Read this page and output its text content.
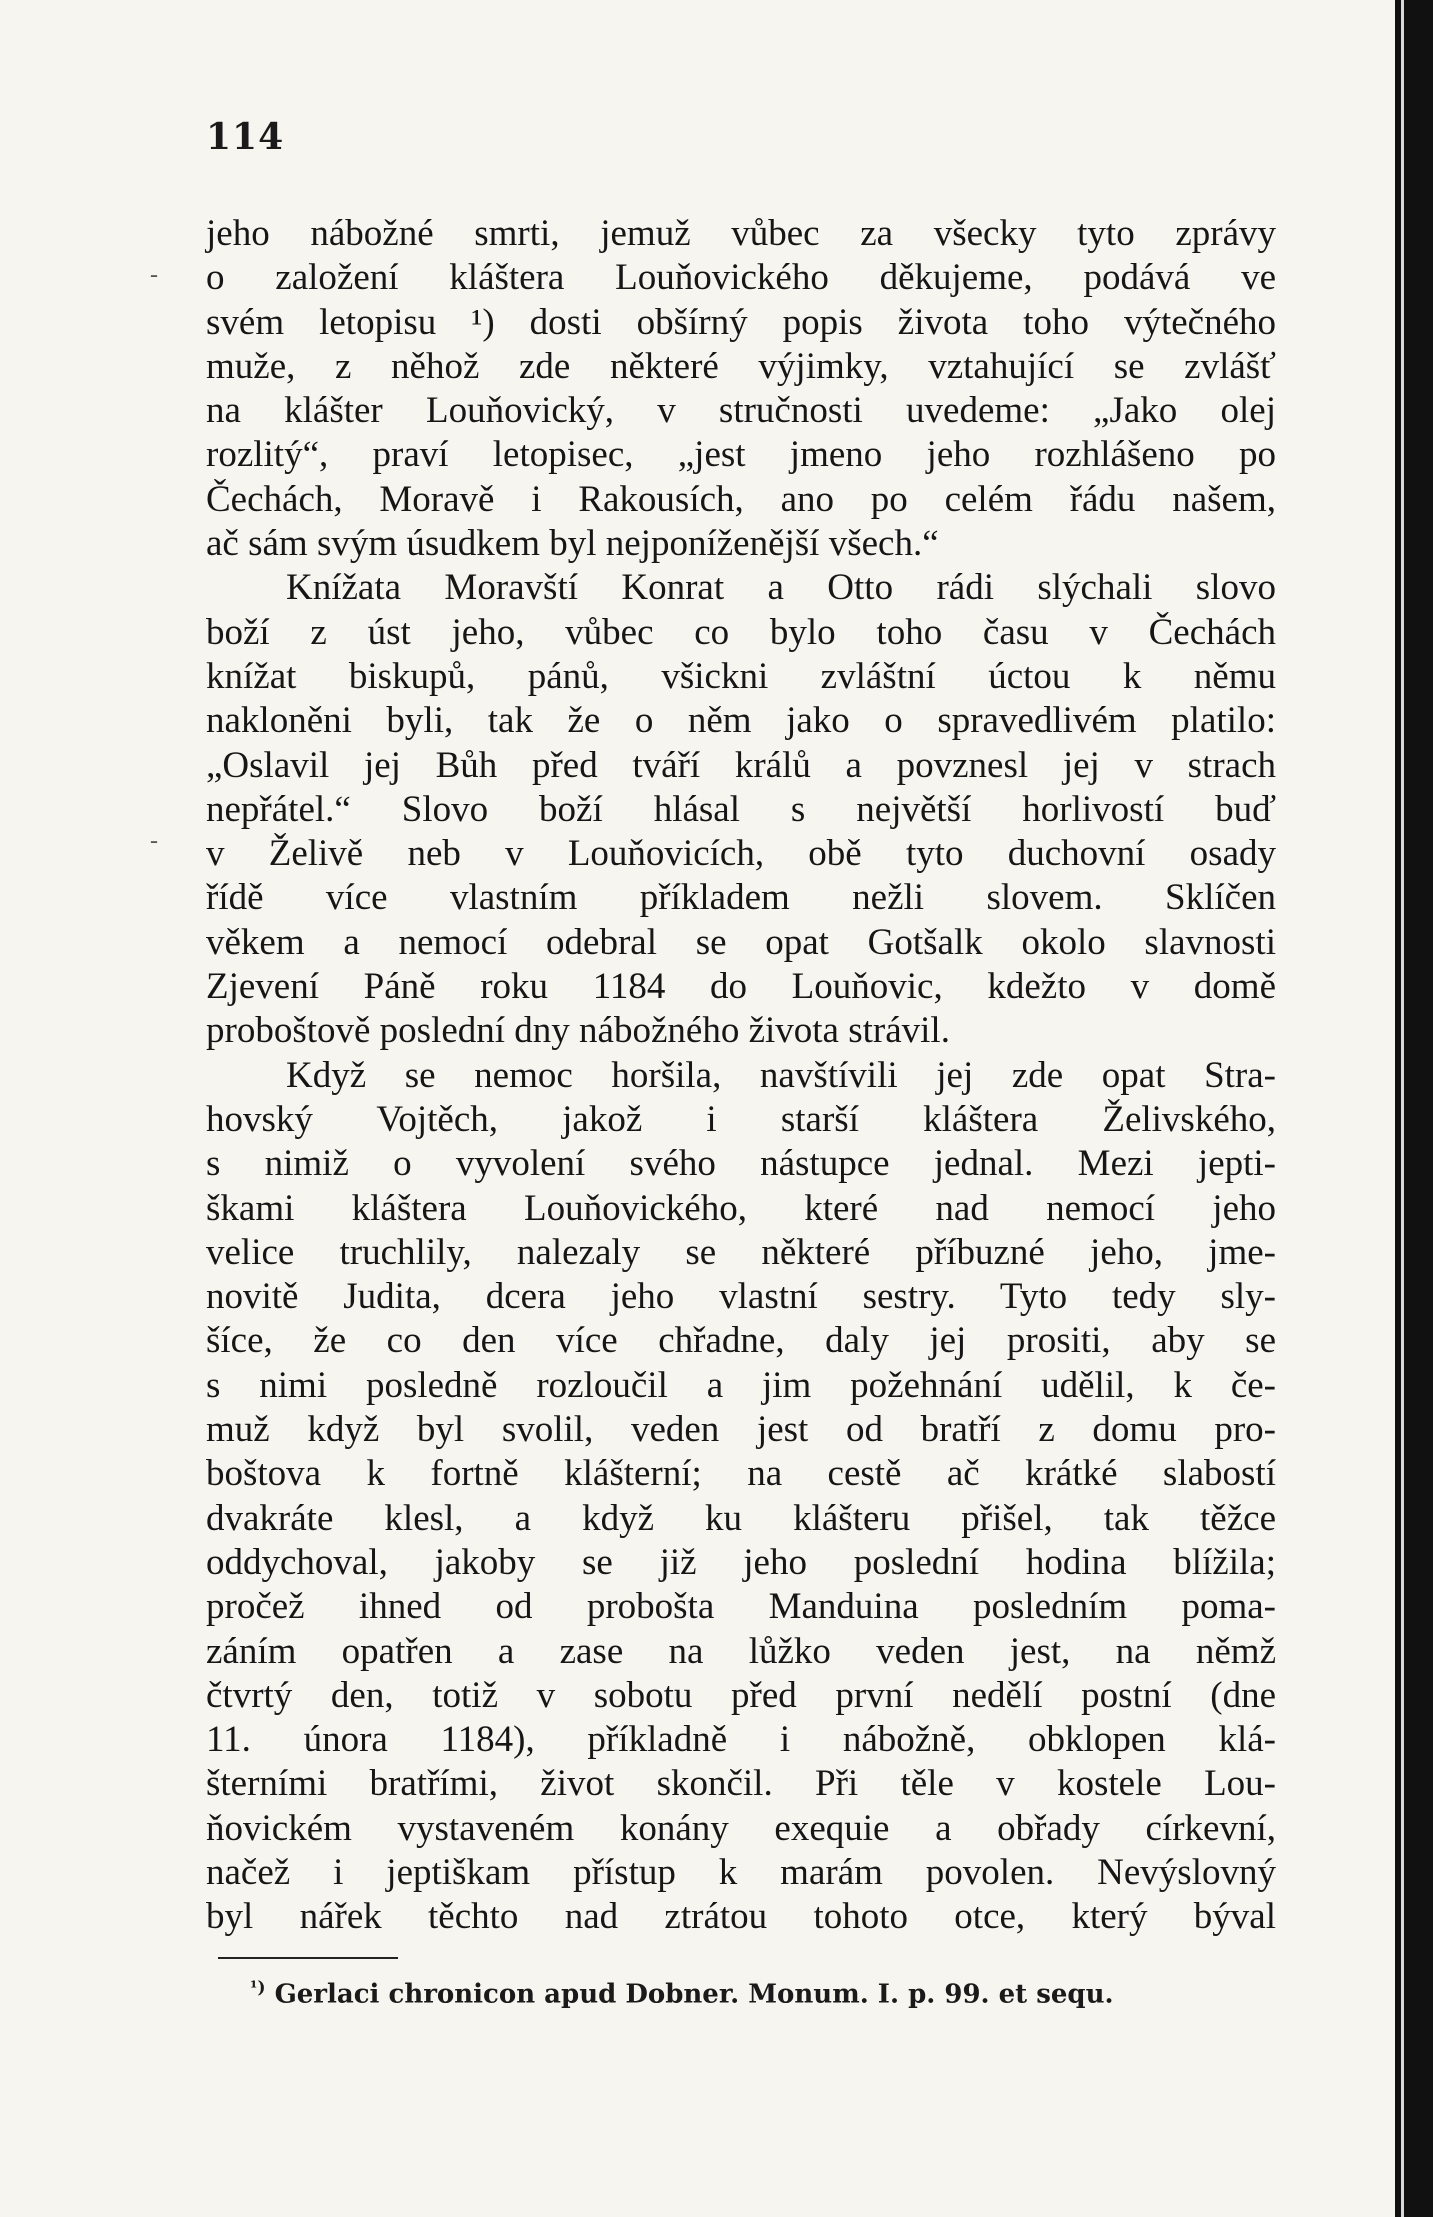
114
-
-
jeho nábožné smrti, jemuž vůbec za všecky tyto zprávy
o založení kláštera Louňovického děkujeme, podává ve
svém letopisu ¹) dosti obšírný popis života toho výtečného
muže, z něhož zde některé výjimky, vztahující se zvlášť
na klášter Louňovický, v stručnosti uvedeme: „Jako olej
rozlitý“, praví letopisec, „jest jmeno jeho rozhlášeno po
Čechách, Moravě i Rakousích, ano po celém řádu našem,
ač sám svým úsudkem byl nejponíženější všech.“
Knížata Moravští Konrat a Otto rádi slýchali slovo
boží z úst jeho, vůbec co bylo toho času v Čechách
knížat biskupů, pánů, všickni zvláštní úctou k němu
nakloněni byli, tak že o něm jako o spravedlivém platilo:
„Oslavil jej Bůh před tváří králů a povznesl jej v strach
nepřátel.“ Slovo boží hlásal s největší horlivostí buď
v Želivě neb v Louňovicích, obě tyto duchovní osady
řídě více vlastním příkladem nežli slovem. Sklíčen
věkem a nemocí odebral se opat Gotšalk okolo slavnosti
Zjevení Páně roku 1184 do Louňovic, kdežto v domě
proboštově poslední dny nábožného života strávil.
Když se nemoc horšila, navštívili jej zde opat Stra-
hovský Vojtěch, jakož i starší kláštera Želivského,
s nimiž o vyvolení svého nástupce jednal. Mezi jepti-
škami kláštera Louňovického, které nad nemocí jeho
velice truchlily, nalezaly se některé příbuzné jeho, jme-
novitě Judita, dcera jeho vlastní sestry. Tyto tedy sly-
šíce, že co den více chřadne, daly jej prositi, aby se
s nimi posledně rozloučil a jim požehnání udělil, k če-
muž když byl svolil, veden jest od bratří z domu pro-
boštova k fortně klášterní; na cestě ač krátké slabostí
dvakráte klesl, a když ku klášteru přišel, tak těžce
oddychoval, jakoby se již jeho poslední hodina blížila;
pročež ihned od probošta Manduina posledním poma-
záním opatřen a zase na lůžko veden jest, na němž
čtvrtý den, totiž v sobotu před první nedělí postní (dne
11. února 1184), příkladně i nábožně, obklopen klá-
šterními bratřími, život skončil. Při těle v kostele Lou-
ňovickém vystaveném konány exequie a obřady církevní,
načež i jeptiškam přístup k marám povolen. Nevýslovný
byl nářek těchto nad ztrátou tohoto otce, který býval
$^{^1)}$ Gerlaci chronicon apud Dobner. Monum. I. p. 99. et sequ.
